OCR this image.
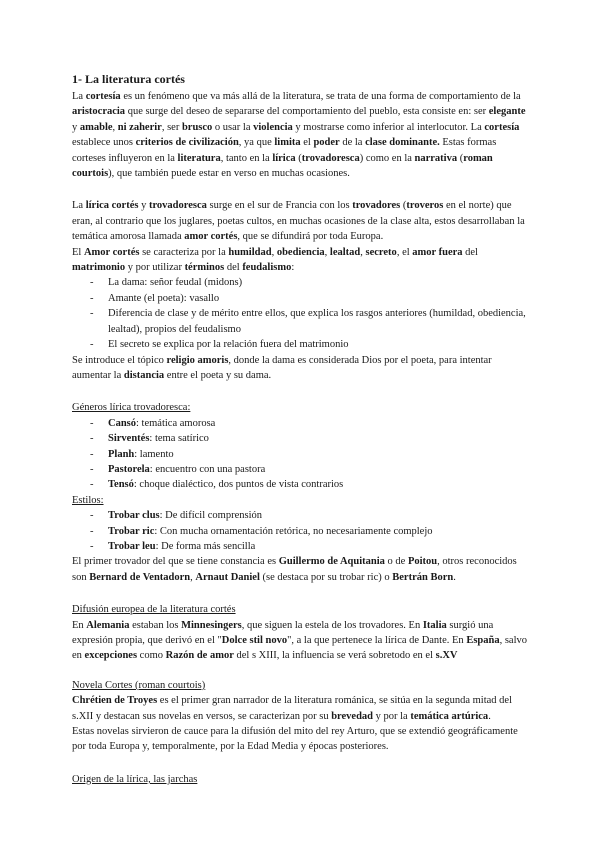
1- La literatura cortés

La cortesía es un fenómeno que va más allá de la literatura, se trata de una forma de comportamiento de la aristocracia que surge del deseo de separarse del comportamiento del pueblo, esta consiste en: ser elegante y amable, ni zaherir, ser brusco o usar la violencia y mostrarse como inferior al interlocutor. La cortesía establece unos criterios de civilización, ya que limita el poder de la clase dominante. Estas formas corteses influyeron en la literatura, tanto en la lírica (trovadoresca) como en la narrativa (roman courtois), que también puede estar en verso en muchas ocasiones.

La lírica cortés y trovadoresca surge en el sur de Francia con los trovadores (troveros en el norte) que eran, al contrario que los juglares, poetas cultos, en muchas ocasiones de la clase alta, estos desarrollaban la temática amorosa llamada amor cortés, que se difundirá por toda Europa.

El Amor cortés se caracteriza por la humildad, obediencia, lealtad, secreto, el amor fuera del matrimonio y por utilizar términos del feudalismo:

- La dama: señor feudal (midons)
- Amante (el poeta): vasallo
- Diferencia de clase y de mérito entre ellos, que explica los rasgos anteriores (humildad, obediencia, lealtad), propios del feudalismo
- El secreto se explica por la relación fuera del matrimonio

Se introduce el tópico religio amoris, donde la dama es considerada Dios por el poeta, para intentar aumentar la distancia entre el poeta y su dama.

Géneros lírica trovadoresca:
- Cansó: temática amorosa
- Sirventés: tema satírico
- Planh: lamento
- Pastorela: encuentro con una pastora
- Tensó: choque dialéctico, dos puntos de vista contrarios
Estilos:
- Trobar clus: De difícil comprensión
- Trobar ric: Con mucha ornamentación retórica, no necesariamente complejo
- Trobar leu: De forma más sencilla

El primer trovador del que se tiene constancia es Guillermo de Aquitania o de Poitou, otros reconocidos son Bernard de Ventadorn, Arnaut Daniel (se destaca por su trobar ric) o Bertrán Born.

Difusión europea de la literatura cortés

En Alemania estaban los Minnesingers, que siguen la estela de los trovadores. En Italia surgió una expresión propia, que derivó en el "Dolce stil novo", a la que pertenece la lírica de Dante. En España, salvo en excepciones como Razón de amor del s XIII, la influencia se verá sobretodo en el s.XV

Novela Cortes (roman courtois)

Chrétien de Troyes es el primer gran narrador de la literatura románica, se sitúa en la segunda mitad del s.XII y destacan sus novelas en versos, se caracterizan por su brevedad y por la temática artúrica.

Estas novelas sirvieron de cauce para la difusión del mito del rey Arturo, que se extendió geográficamente por toda Europa y, temporalmente, por la Edad Media y épocas posteriores.

Origen de la lírica, las jarchas
